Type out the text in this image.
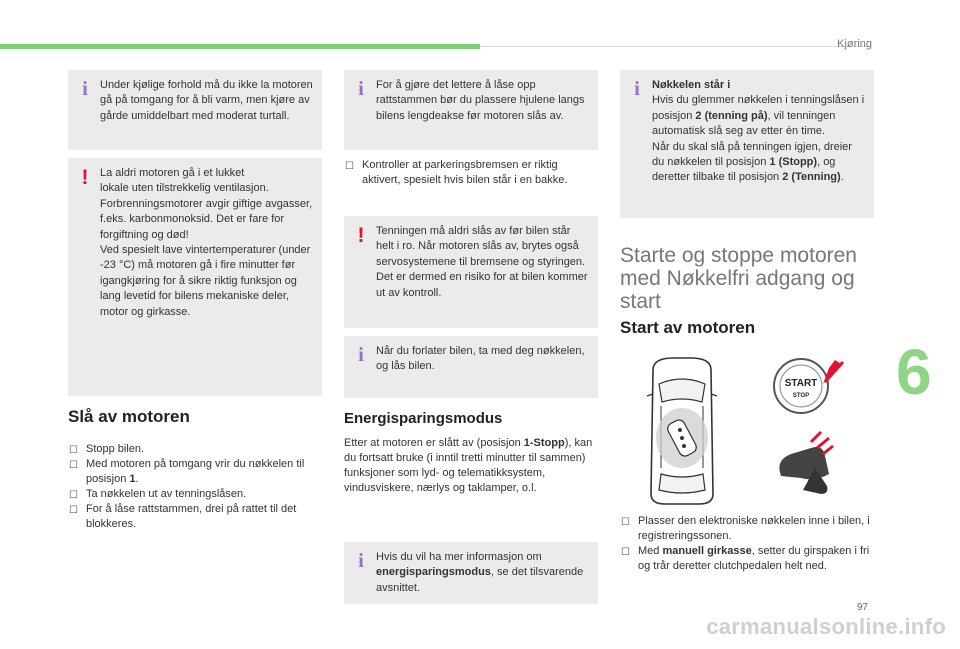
Kjøring
6
97
carmanualsonline.info
i	Under kjølige forhold må du ikke la motoren gå på tomgang for å bli varm, men kjøre av gårde umiddelbart med moderat turtall.
!	La aldri motoren gå i et lukket
lokale uten tilstrekkelig ventilasjon. Forbrenningsmotorer avgir giftige avgasser, f.eks. karbonmonoksid. Det er fare for forgiftning og død!
Ved spesielt lave vintertemperaturer (under -23 °C) må motoren gå i fire minutter før igangkjøring for å sikre riktig funksjon og lang levetid for bilens mekaniske deler, motor og girkasse.
Slå av motoren
☐ Stopp bilen.
☐ Med motoren på tomgang vrir du nøkkelen til posisjon 1.
☐ Ta nøkkelen ut av tenningslåsen.
☐ For å låse rattstammen, drei på rattet til det blokkeres.
i	For å gjøre det lettere å låse opp rattstammen bør du plassere hjulene langs bilens lengdeakse før motoren slås av.
☐ Kontroller at parkeringsbremsen er riktig aktivert, spesielt hvis bilen står i en bakke.
!	Tenningen må aldri slås av før bilen står helt i ro. Når motoren slås av, brytes også servosystemene til bremsene og styringen. Det er dermed en risiko for at bilen kommer ut av kontroll.
i	Når du forlater bilen, ta med deg nøkkelen, og lås bilen.
Energisparingsmodus
Etter at motoren er slått av (posisjon 1-Stopp), kan du fortsatt bruke (i inntil tretti minutter til sammen) funksjoner som lyd- og telematikksystem, vindusviskere, nærlys og taklamper, o.l.
i	Hvis du vil ha mer informasjon om energisparingsmodus, se det tilsvarende avsnittet.
i	Nøkkelen står i
Hvis du glemmer nøkkelen i tenningslåsen i posisjon 2 (tenning på), vil tenningen automatisk slå seg av etter én time.
Når du skal slå på tenningen igjen, dreier du nøkkelen til posisjon 1 (Stopp), og deretter tilbake til posisjon 2 (Tenning).
Starte og stoppe motoren med Nøkkelfri adgang og start
Start av motoren
START
STOP
☐ Plasser den elektroniske nøkkelen inne i bilen, i registreringssonen.
☐ Med manuell girkasse, setter du girspaken i fri og trår deretter clutchpedalen helt ned.
